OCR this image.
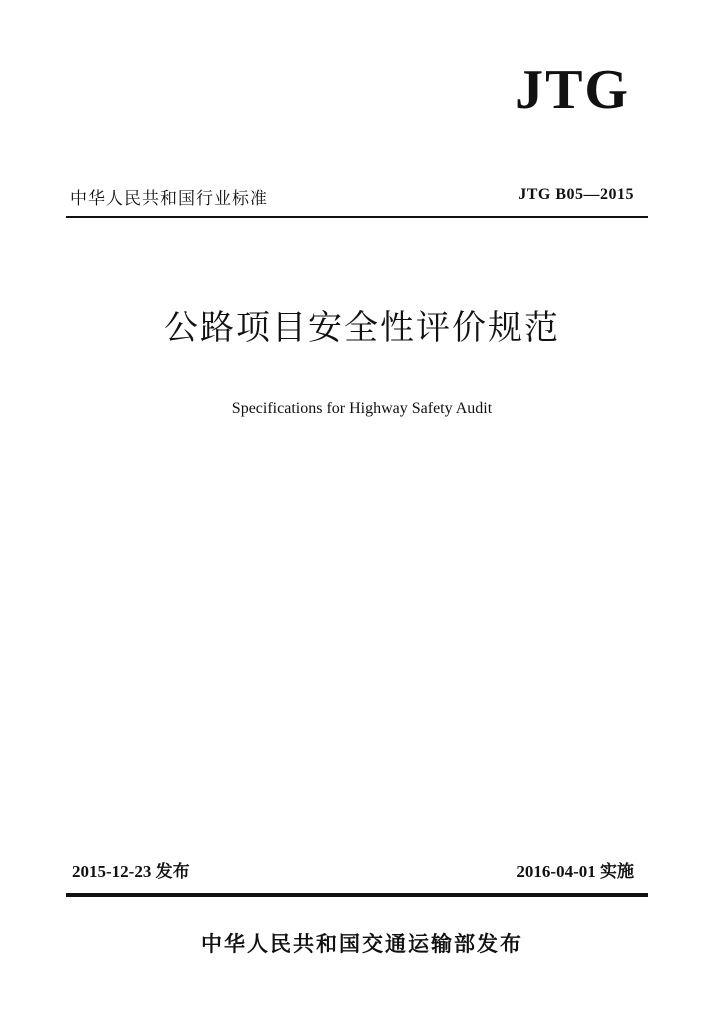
JTG
中华人民共和国行业标准	JTG B05—2015
公路项目安全性评价规范
Specifications for Highway Safety Audit
2015-12-23 发布	2016-04-01 实施
中华人民共和国交通运输部发布
